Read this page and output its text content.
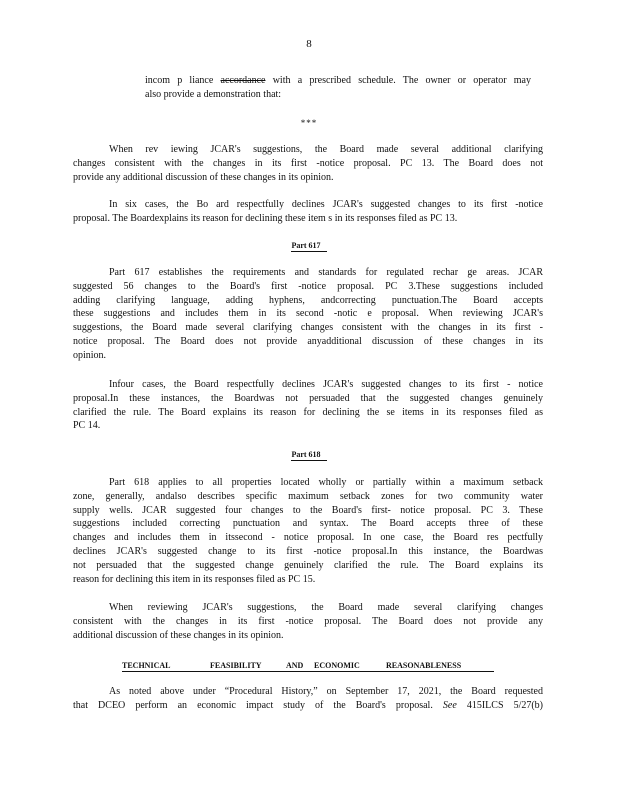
8
incom p liance accordance with a prescribed schedule. The owner or operator may
also provide a demonstration that:
***
When rev iewing JCAR's suggestions, the Board made several additional clarifying
changes consistent with the changes in its first -notice proposal. PC 13. The Board does not
provide any additional discussion of these changes in its opinion.
In six cases, the Bo ard respectfully declines JCAR's suggested changes to its first -notice
proposal. The Boardexplains its reason for declining these item s in its responses filed as PC 13.
Part 617
Part 617 establishes the requirements and standards for regulated rechar ge areas. JCAR
suggested 56 changes to the Board's first -notice proposal. PC 3.These suggestions included
adding clarifying language, adding hyphens, andcorrecting punctuation.The Board accepts
these suggestions and includes them in its second -notic e proposal. When reviewing JCAR's
suggestions, the Board made several clarifying changes consistent with the changes in its first -
notice proposal. The Board does not provide anyadditional discussion of these changes in its
opinion.
Infour cases, the Board respectfully declines JCAR's suggested changes to its first - notice
proposal.In these instances, the Boardwas not persuaded that the suggested changes genuinely
clarified the rule. The Board explains its reason for declining the se items in its responses filed as
PC 14.
Part 618
Part 618 applies to all properties located wholly or partially within a maximum setback
zone, generally, andalso describes specific maximum setback zones for two community water
supply wells. JCAR suggested four changes to the Board's first- notice proposal. PC 3. These
suggestions included correcting punctuation and syntax. The Board accepts three of these
changes and includes them in itssecond - notice proposal. In one case, the Board res pectfully
declines JCAR's suggested change to its first -notice proposal.In this instance, the Boardwas
not persuaded that the suggested change genuinely clarified the rule. The Board explains its
reason for declining this item in its responses filed as PC 15.
When reviewing JCAR's suggestions, the Board made several clarifying changes
consistent with the changes in its first -notice proposal. The Board does not provide any
additional discussion of these changes in its opinion.
TECHNICAL	FEASIBILITY	AND ECONOMIC	REASONABLENESS
As noted above under “Procedural History,” on September 17, 2021, the Board requested
that DCEO perform an economic impact study of the Board's proposal. See 415ILCS 5/27(b)
